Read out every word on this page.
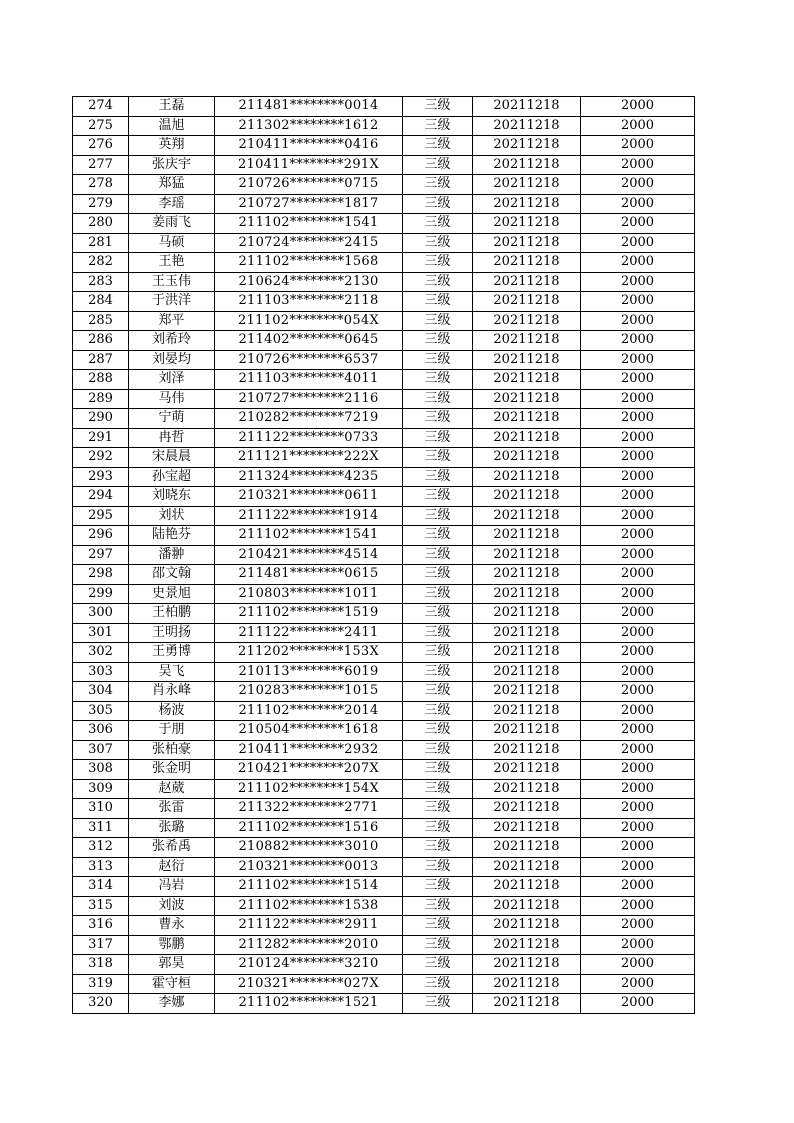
274	王磊	211481********0014	三级	20211218	2000
275	温旭	211302********1612	三级	20211218	2000
276	英翔	210411********0416	三级	20211218	2000
277	张庆宇	210411********291X	三级	20211218	2000
278	郑猛	210726********0715	三级	20211218	2000
279	李瑶	210727********1817	三级	20211218	2000
280	姜雨飞	211102********1541	三级	20211218	2000
281	马硕	210724********2415	三级	20211218	2000
282	王艳	211102********1568	三级	20211218	2000
283	王玉伟	210624********2130	三级	20211218	2000
284	于洪洋	211103********2118	三级	20211218	2000
285	郑平	211102********054X	三级	20211218	2000
286	刘希玲	211402********0645	三级	20211218	2000
287	刘晏均	210726********6537	三级	20211218	2000
288	刘泽	211103********4011	三级	20211218	2000
289	马伟	210727********2116	三级	20211218	2000
290	宁萌	210282********7219	三级	20211218	2000
291	冉哲	211122********0733	三级	20211218	2000
292	宋晨晨	211121********222X	三级	20211218	2000
293	孙宝超	211324********4235	三级	20211218	2000
294	刘晓东	210321********0611	三级	20211218	2000
295	刘状	211122********1914	三级	20211218	2000
296	陆艳芬	211102********1541	三级	20211218	2000
297	潘翀	210421********4514	三级	20211218	2000
298	邵文翰	211481********0615	三级	20211218	2000
299	史景旭	210803********1011	三级	20211218	2000
300	王柏鹏	211102********1519	三级	20211218	2000
301	王明扬	211122********2411	三级	20211218	2000
302	王勇博	211202********153X	三级	20211218	2000
303	吴飞	210113********6019	三级	20211218	2000
304	肖永峰	210283********1015	三级	20211218	2000
305	杨波	211102********2014	三级	20211218	2000
306	于朋	210504********1618	三级	20211218	2000
307	张柏豪	210411********2932	三级	20211218	2000
308	张金明	210421********207X	三级	20211218	2000
309	赵葳	211102********154X	三级	20211218	2000
310	张雷	211322********2771	三级	20211218	2000
311	张璐	211102********1516	三级	20211218	2000
312	张希禹	210882********3010	三级	20211218	2000
313	赵衍	210321********0013	三级	20211218	2000
314	冯岩	211102********1514	三级	20211218	2000
315	刘波	211102********1538	三级	20211218	2000
316	曹永	211122********2911	三级	20211218	2000
317	鄂鹏	211282********2010	三级	20211218	2000
318	郭昊	210124********3210	三级	20211218	2000
319	霍守桓	210321********027X	三级	20211218	2000
320	李娜	211102********1521	三级	20211218	2000
